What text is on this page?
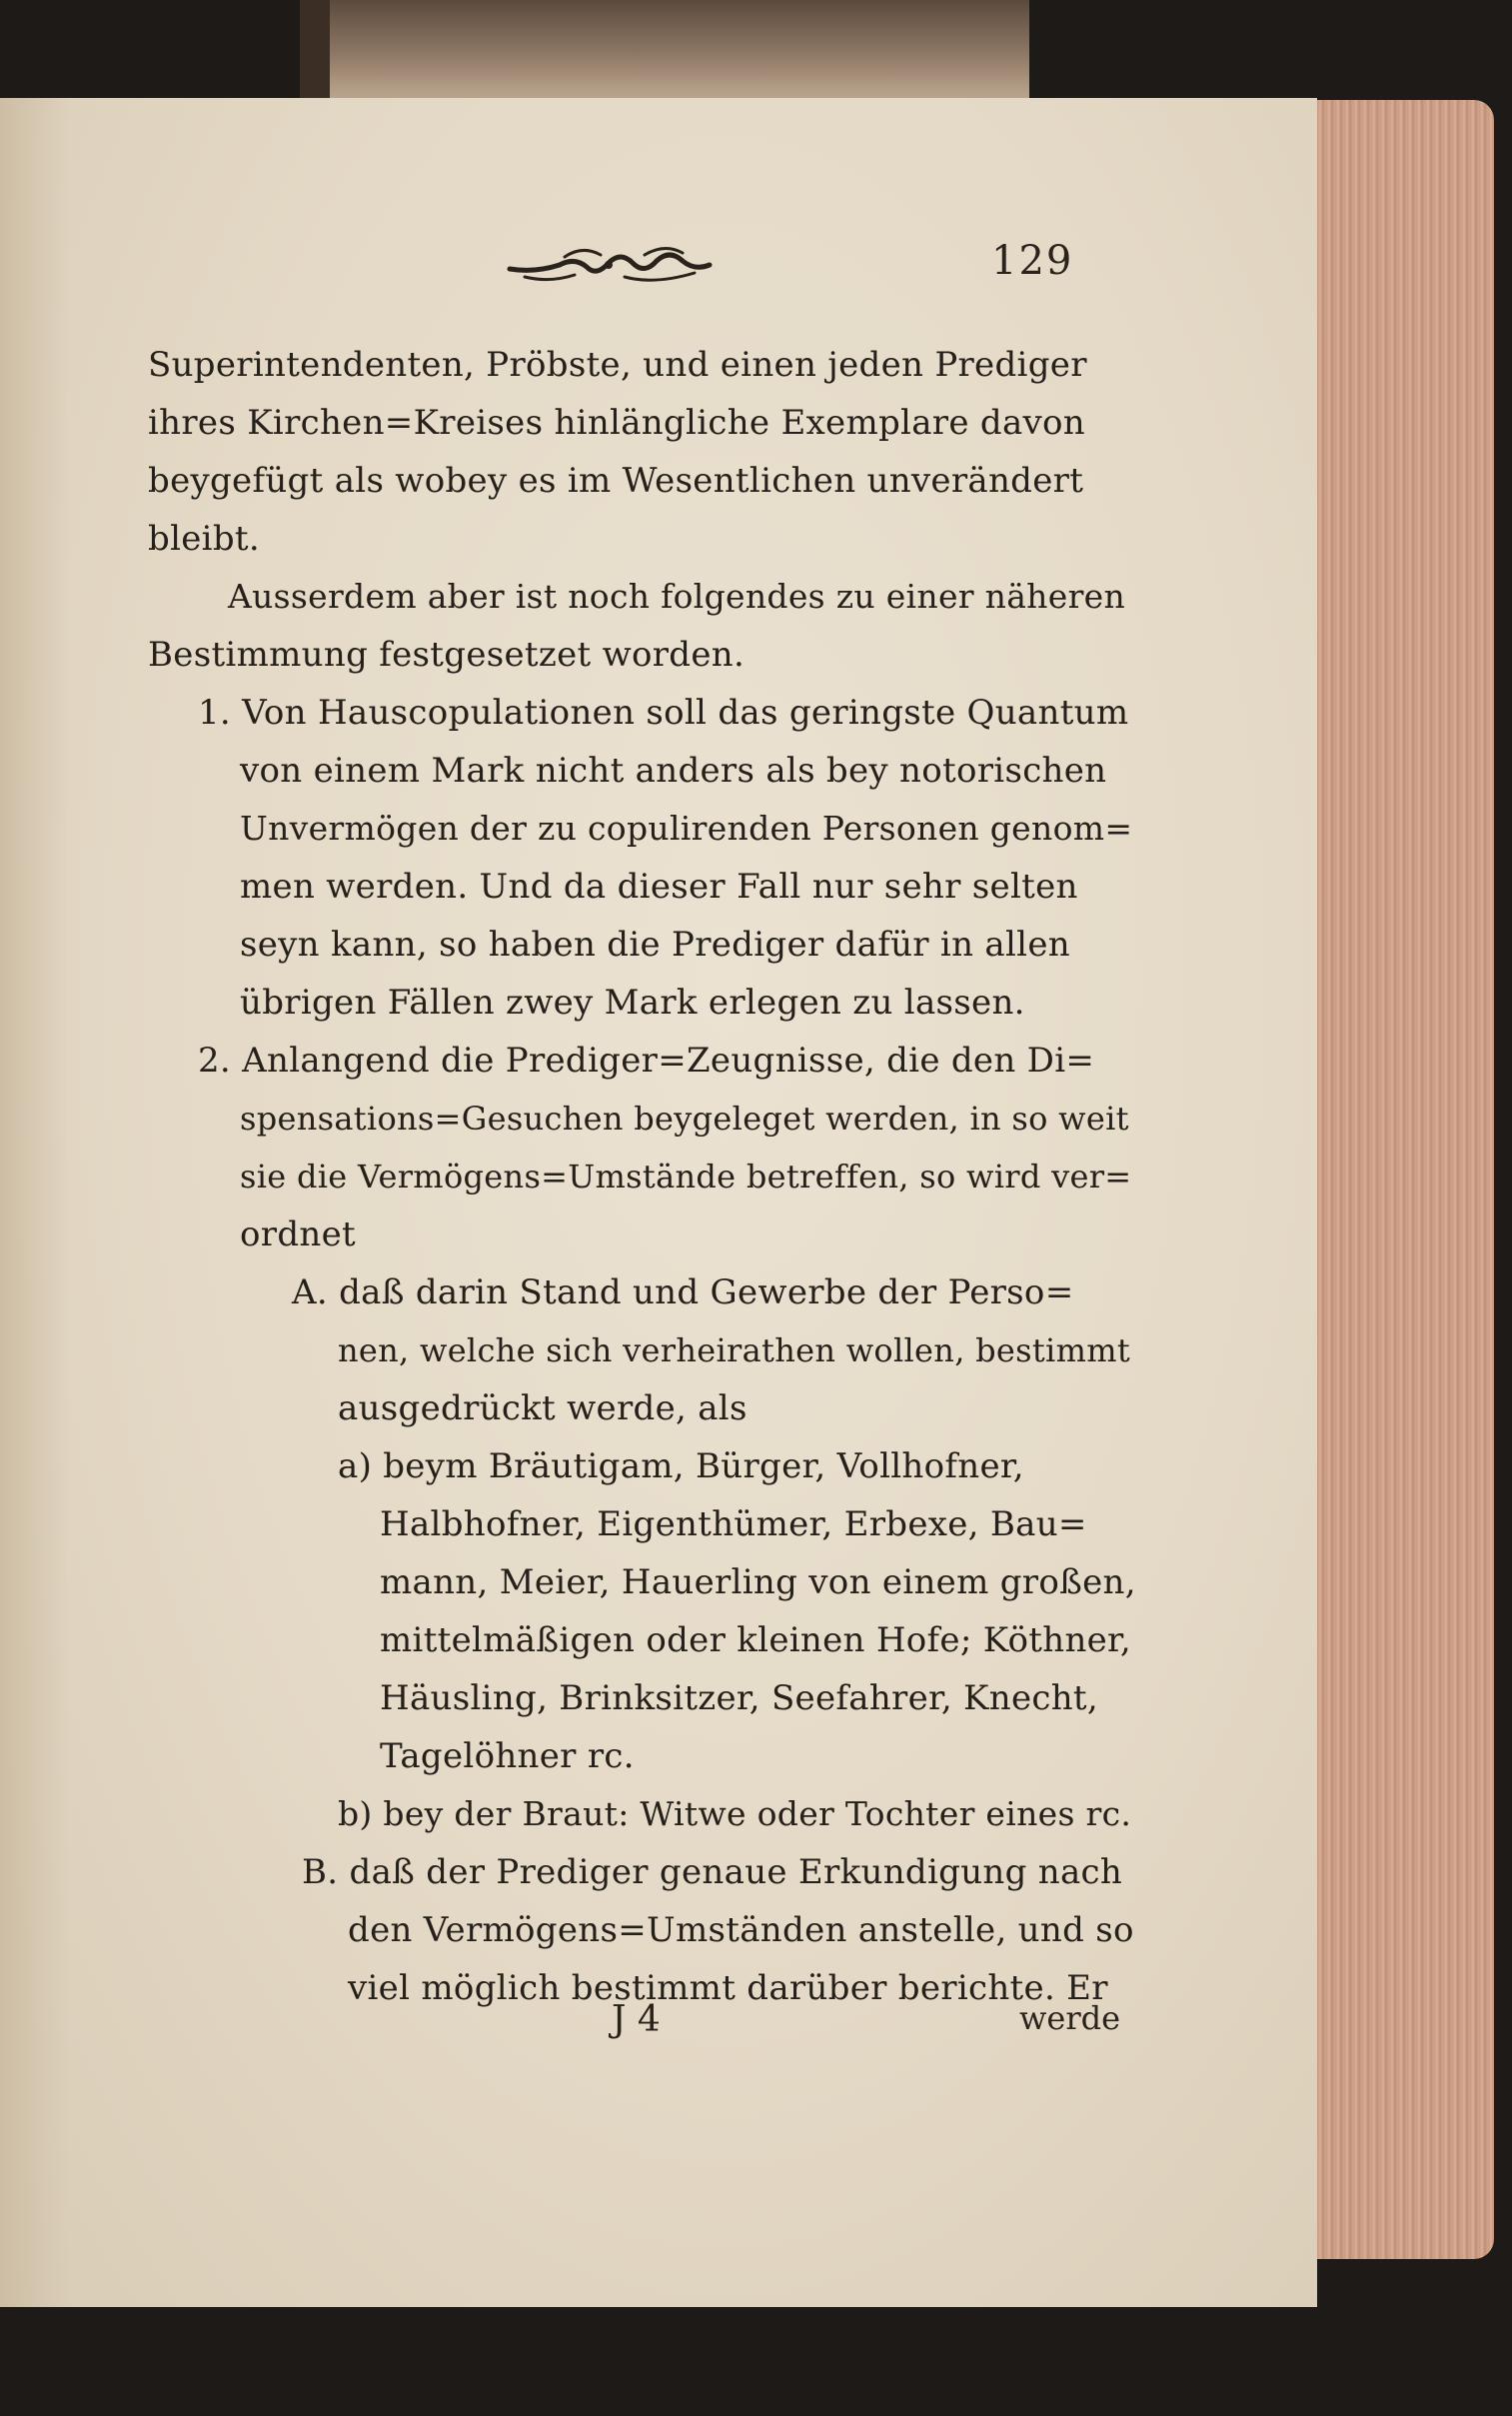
129
Superintendenten, Pröbste, und einen jeden Prediger
ihres Kirchen=Kreises hinlängliche Exemplare davon
beygefügt als wobey es im Wesentlichen unverändert
bleibt.
Ausserdem aber ist noch folgendes zu einer näheren
Bestimmung festgesetzet worden.
1. Von Hauscopulationen soll das geringste Quantum
von einem Mark nicht anders als bey notorischen
Unvermögen der zu copulirenden Personen genom=
men werden. Und da dieser Fall nur sehr selten
seyn kann, so haben die Prediger dafür in allen
übrigen Fällen zwey Mark erlegen zu lassen.
2. Anlangend die Prediger=Zeugnisse, die den Di=
spensations=Gesuchen beygeleget werden, in so weit
sie die Vermögens=Umstände betreffen, so wird ver=
ordnet
A. daß darin Stand und Gewerbe der Perso=
nen, welche sich verheirathen wollen, bestimmt
ausgedrückt werde, als
a) beym Bräutigam, Bürger, Vollhofner,
Halbhofner, Eigenthümer, Erbexe, Bau=
mann, Meier, Hauerling von einem großen,
mittelmäßigen oder kleinen Hofe; Köthner,
Häusling, Brinksitzer, Seefahrer, Knecht,
Tagelöhner rc.
b) bey der Braut: Witwe oder Tochter eines rc.
B. daß der Prediger genaue Erkundigung nach
den Vermögens=Umständen anstelle, und so
viel möglich bestimmt darüber berichte. Er
J 4	werde
